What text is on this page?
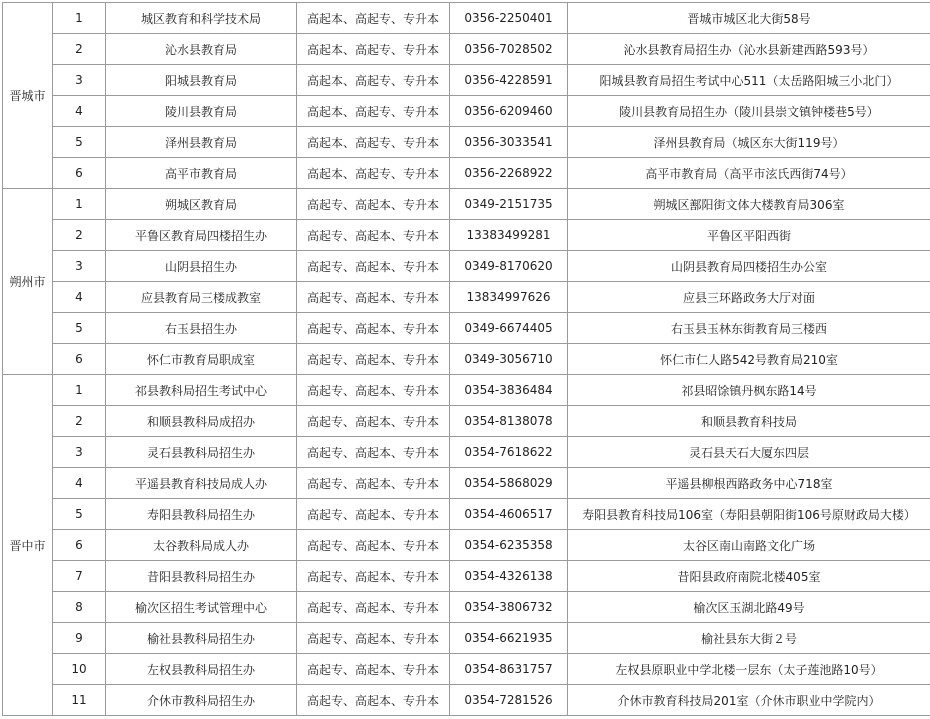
晋城市	1	城区教育和科学技术局	高起本、高起专、专升本	0356-2250401	晋城市城区北大街58号
	2	沁水县教育局	高起本、高起专、专升本	0356-7028502	沁水县教育局招生办（沁水县新建西路593号）
	3	阳城县教育局	高起本、高起专、专升本	0356-4228591	阳城县教育局招生考试中心511（太岳路阳城三小北门）
	4	陵川县教育局	高起本、高起专、专升本	0356-6209460	陵川县教育局招生办（陵川县崇文镇钟楼巷5号）
	5	泽州县教育局	高起本、高起专、专升本	0356-3033541	泽州县教育局（城区东大街119号）
	6	高平市教育局	高起本、高起专、专升本	0356-2268922	高平市教育局（高平市泫氏西街74号）
朔州市	1	朔城区教育局	高起专、高起本、专升本	0349-2151735	朔城区鄯阳街文体大楼教育局306室
	2	平鲁区教育局四楼招生办	高起专、高起本、专升本	13383499281	平鲁区平阳西街
	3	山阴县招生办	高起专、高起本、专升本	0349-8170620	山阴县教育局四楼招生办公室
	4	应县教育局三楼成教室	高起专、高起本、专升本	13834997626	应县三环路政务大厅对面
	5	右玉县招生办	高起专、高起本、专升本	0349-6674405	右玉县玉林东街教育局三楼西
	6	怀仁市教育局职成室	高起专、高起本、专升本	0349-3056710	怀仁市仁人路542号教育局210室
晋中市	1	祁县教科局招生考试中心	高起专、高起本、专升本	0354-3836484	祁县昭馀镇丹枫东路14号
	2	和顺县教科局成招办	高起专、高起本、专升本	0354-8138078	和顺县教育科技局
	3	灵石县教科局招生办	高起专、高起本、专升本	0354-7618622	灵石县天石大厦东四层
	4	平遥县教育科技局成人办	高起专、高起本、专升本	0354-5868029	平遥县柳根西路政务中心718室
	5	寿阳县教科局招生办	高起专、高起本、专升本	0354-4606517	寿阳县教育科技局106室（寿阳县朝阳街106号原财政局大楼）
	6	太谷教科局成人办	高起专、高起本、专升本	0354-6235358	太谷区南山南路文化广场
	7	昔阳县教科局招生办	高起专、高起本、专升本	0354-4326138	昔阳县政府南院北楼405室
	8	榆次区招生考试管理中心	高起专、高起本、专升本	0354-3806732	榆次区玉湖北路49号
	9	榆社县教科局招生办	高起专、高起本、专升本	0354-6621935	榆社县东大街２号
	10	左权县教科局招生办	高起专、高起本、专升本	0354-8631757	左权县原职业中学北楼一层东（太子莲池路10号）
	11	介休市教科局招生办	高起专、高起本、专升本	0354-7281526	介休市教育科技局201室（介休市职业中学院内）
